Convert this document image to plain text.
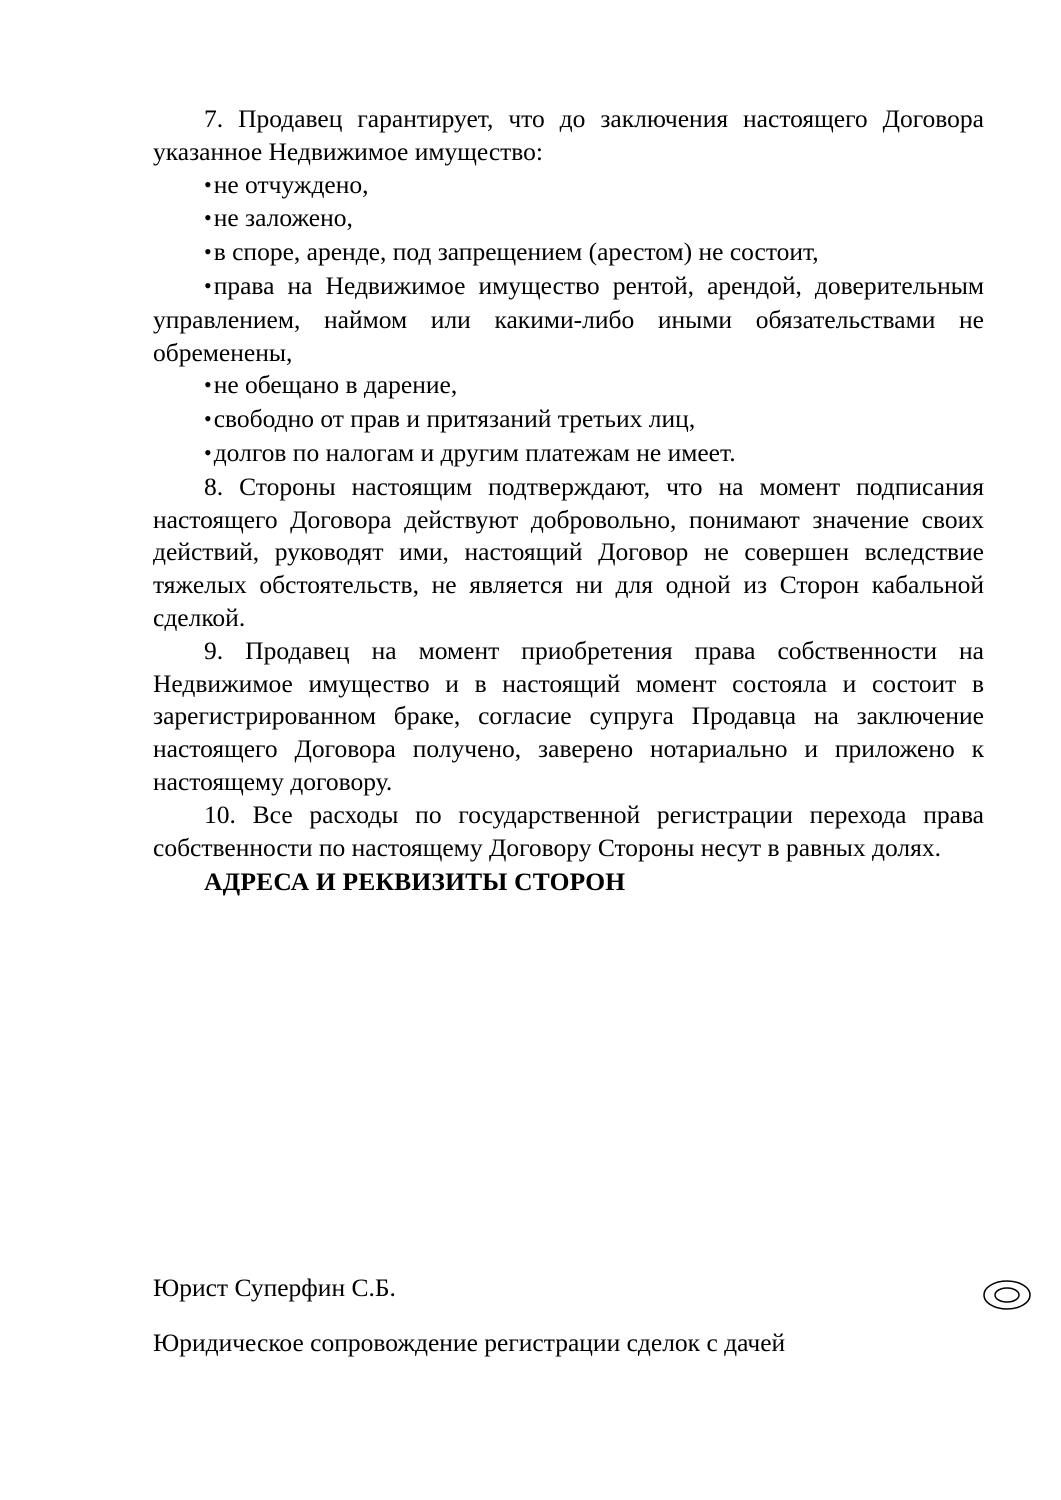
7. Продавец гарантирует, что до заключения настоящего Договора указанное Недвижимое имущество:

•не отчуждено,

•не заложено,

•в споре, аренде, под запрещением (арестом) не состоит,

•права на Недвижимое имущество рентой, арендой, доверительным управлением, наймом или какими-либо иными обязательствами не обременены,

•не обещано в дарение,

•свободно от прав и притязаний третьих лиц,

•долгов по налогам и другим платежам не имеет.

8. Стороны настоящим подтверждают, что на момент подписания настоящего Договора действуют добровольно, понимают значение своих действий, руководят ими, настоящий Договор не совершен вследствие тяжелых обстоятельств, не является ни для одной из Сторон кабальной сделкой.

9. Продавец на момент приобретения права собственности на Недвижимое имущество и в настоящий момент состояла и состоит в зарегистрированном браке, согласие супруга Продавца на заключение настоящего Договора получено, заверено нотариально и приложено к настоящему договору.

10. Все расходы по государственной регистрации перехода права собственности по настоящему Договору Стороны несут в равных долях.

АДРЕСА И РЕКВИЗИТЫ СТОРОН

Юрист Суперфин С.Б.

Юридическое сопровождение регистрации сделок с дачей
